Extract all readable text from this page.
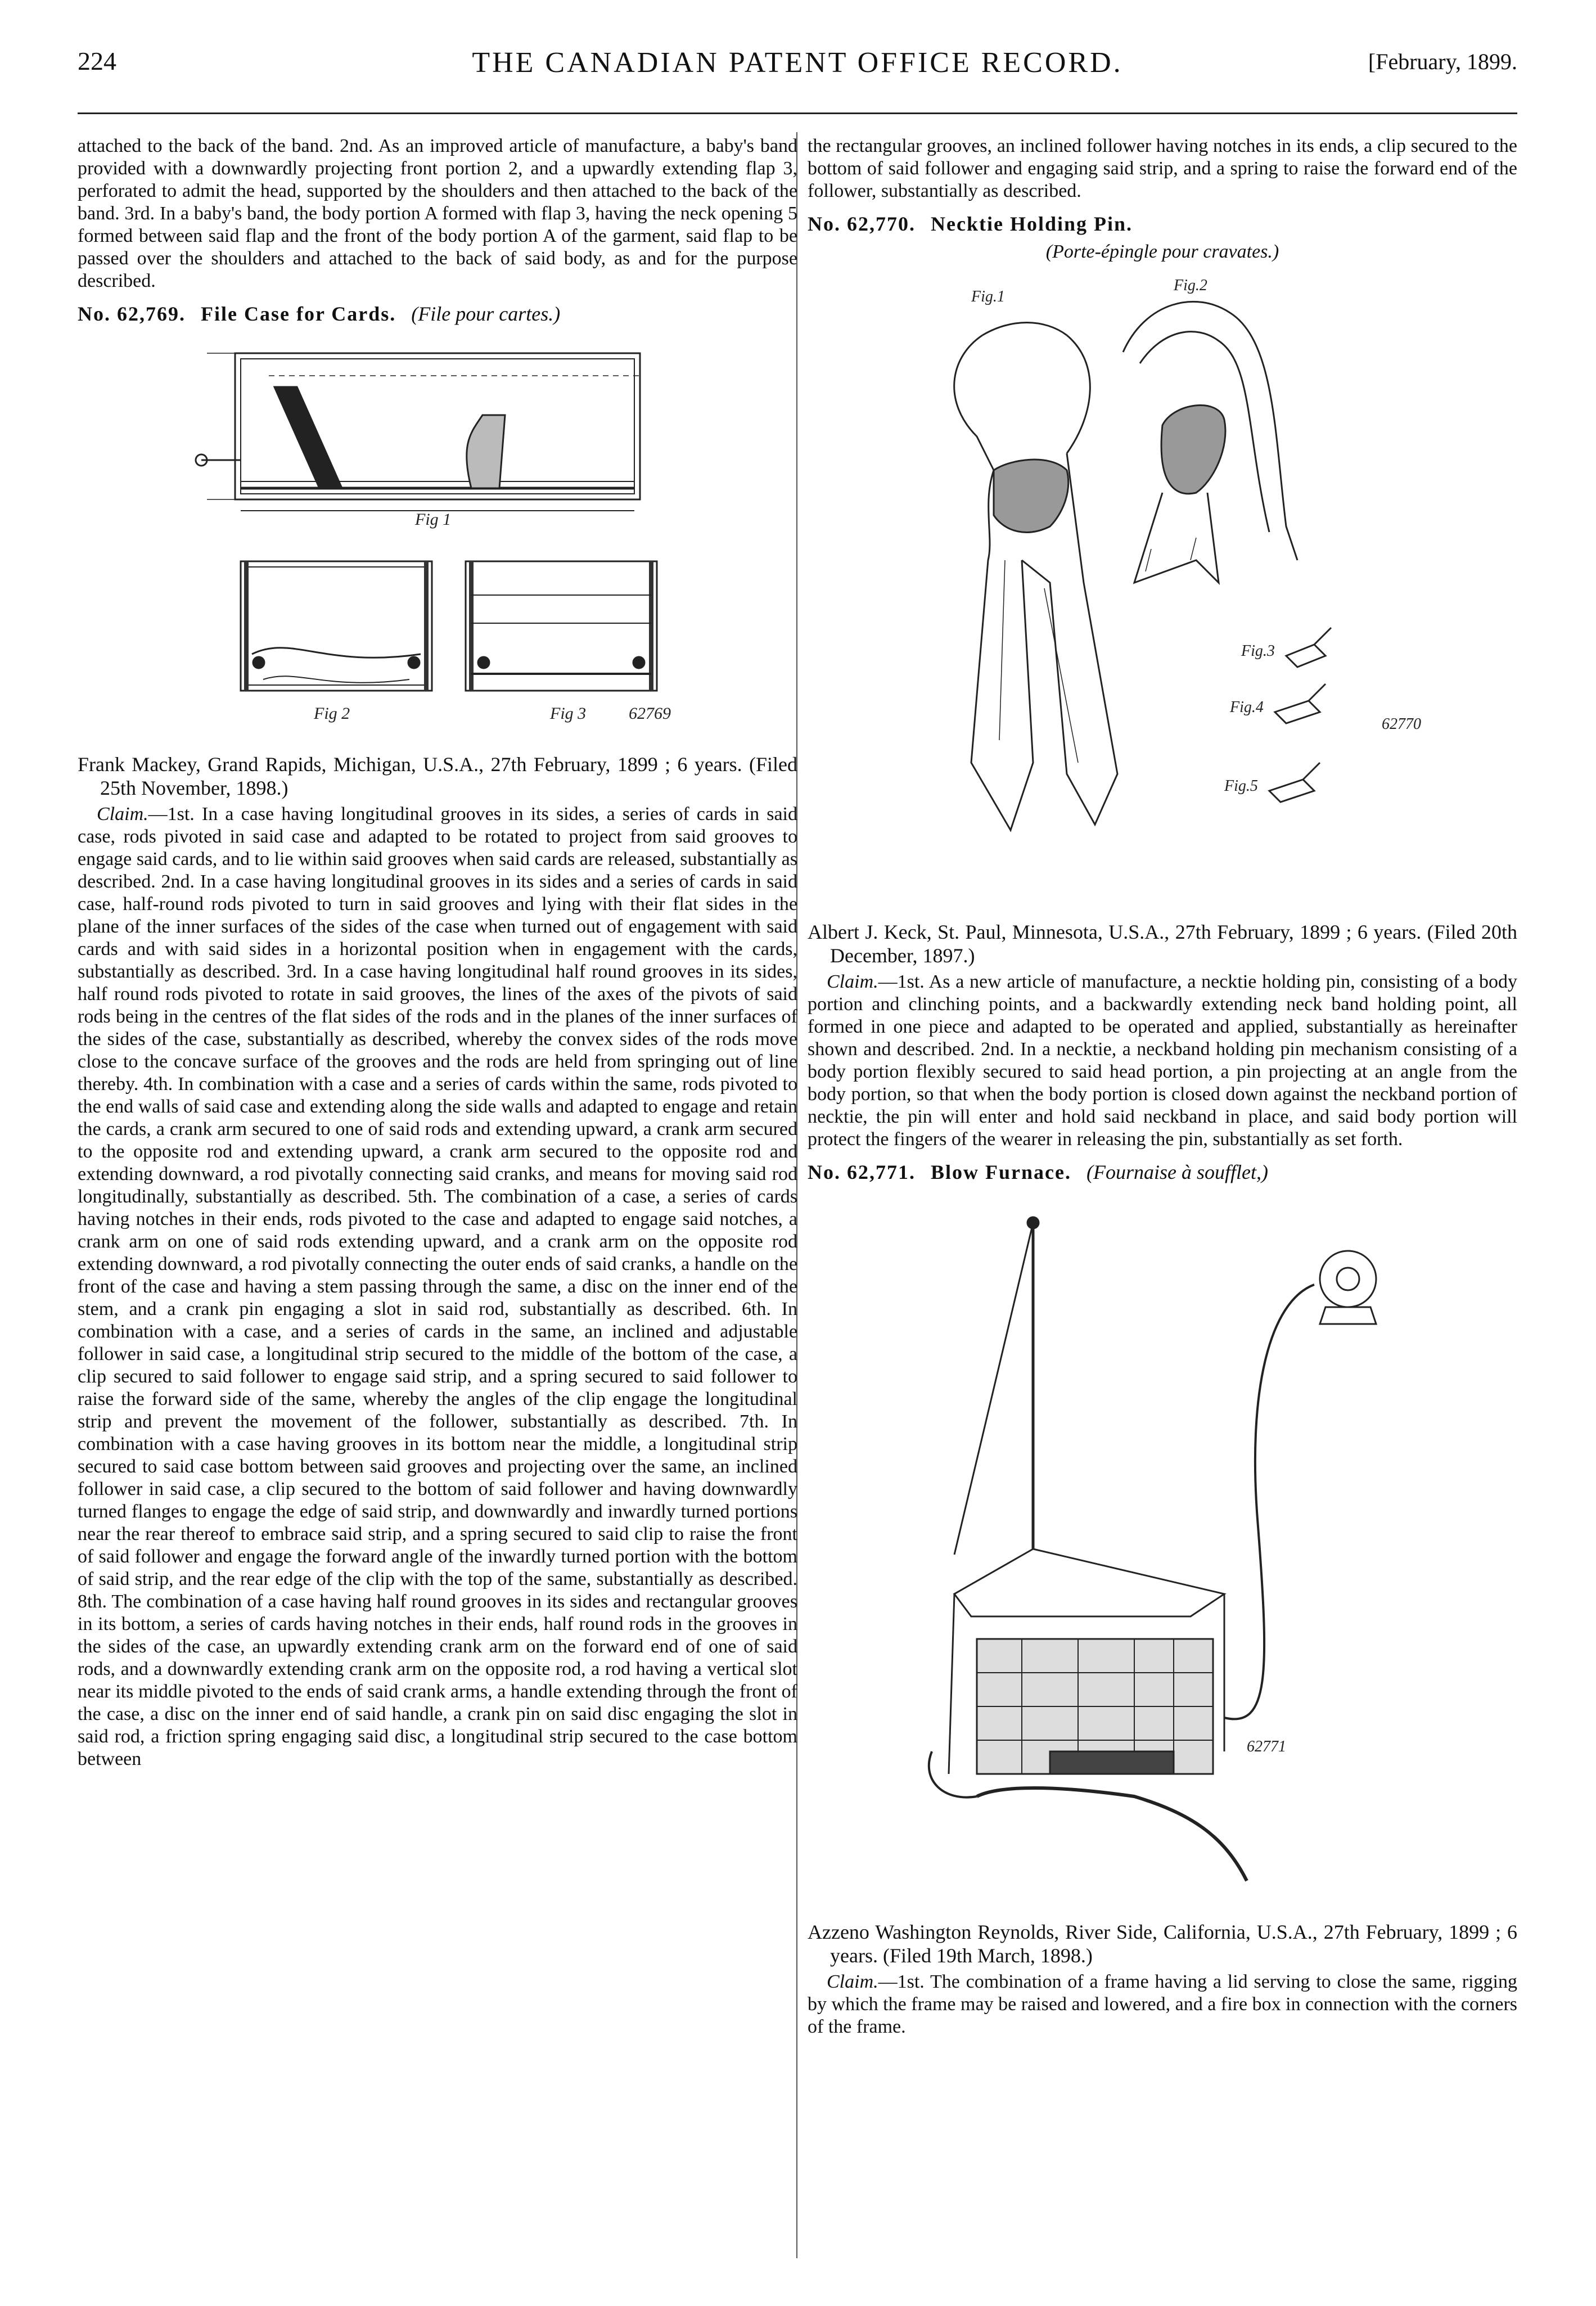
224	THE CANADIAN PATENT OFFICE RECORD.	[February, 1899.

attached to the back of the band. 2nd. As an improved article of manufacture, a baby's band provided with a downwardly projecting front portion 2, and a upwardly extending flap 3, perforated to admit the head, supported by the shoulders and then attached to the back of the band. 3rd. In a baby's band, the body portion A formed with flap 3, having the neck opening 5 formed between said flap and the front of the body portion A of the garment, said flap to be passed over the shoulders and attached to the back of said body, as and for the purpose described.

No. 62,769. File Case for Cards. (File pour cartes.)
Fig 1
Fig 2	Fig 3	62769

Frank Mackey, Grand Rapids, Michigan, U.S.A., 27th February, 1899 ; 6 years. (Filed 25th November, 1898.)

Claim.—1st. In a case having longitudinal grooves in its sides, a series of cards in said case, rods pivoted in said case and adapted to be rotated to project from said grooves to engage said cards, and to lie within said grooves when said cards are released, substantially as described. 2nd. In a case having longitudinal grooves in its sides and a series of cards in said case, half-round rods pivoted to turn in said grooves and lying with their flat sides in the plane of the inner surfaces of the sides of the case when turned out of engagement with said cards and with said sides in a horizontal position when in engagement with the cards, substantially as described. 3rd. In a case having longitudinal half round grooves in its sides, half round rods pivoted to rotate in said grooves, the lines of the axes of the pivots of said rods being in the centres of the flat sides of the rods and in the planes of the inner surfaces of the sides of the case, substantially as described, whereby the convex sides of the rods move close to the concave surface of the grooves and the rods are held from springing out of line thereby. 4th. In combination with a case and a series of cards within the same, rods pivoted to the end walls of said case and extending along the side walls and adapted to engage and retain the cards, a crank arm secured to one of said rods and extending upward, a crank arm secured to the opposite rod and extending upward, a crank arm secured to the opposite rod and extending downward, a rod pivotally connecting said cranks, and means for moving said rod longitudinally, substantially as described. 5th. The combination of a case, a series of cards having notches in their ends, rods pivoted to the case and adapted to engage said notches, a crank arm on one of said rods extending upward, and a crank arm on the opposite rod extending downward, a rod pivotally connecting the outer ends of said cranks, a handle on the front of the case and having a stem passing through the same, a disc on the inner end of the stem, and a crank pin engaging a slot in said rod, substantially as described. 6th. In combination with a case, and a series of cards in the same, an inclined and adjustable follower in said case, a longitudinal strip secured to the middle of the bottom of the case, a clip secured to said follower to engage said strip, and a spring secured to said follower to raise the forward side of the same, whereby the angles of the clip engage the longitudinal strip and prevent the movement of the follower, substantially as described. 7th. In combination with a case having grooves in its bottom near the middle, a longitudinal strip secured to said case bottom between said grooves and projecting over the same, an inclined follower in said case, a clip secured to the bottom of said follower and having downwardly turned flanges to engage the edge of said strip, and downwardly and inwardly turned portions near the rear thereof to embrace said strip, and a spring secured to said clip to raise the front of said follower and engage the forward angle of the inwardly turned portion with the bottom of said strip, and the rear edge of the clip with the top of the same, substantially as described. 8th. The combination of a case having half round grooves in its sides and rectangular grooves in its bottom, a series of cards having notches in their ends, half round rods in the grooves in the sides of the case, an upwardly extending crank arm on the forward end of one of said rods, and a downwardly extending crank arm on the opposite rod, a rod having a vertical slot near its middle pivoted to the ends of said crank arms, a handle extending through the front of the case, a disc on the inner end of said handle, a crank pin on said disc engaging the slot in said rod, a friction spring engaging said disc, a longitudinal strip secured to the case bottom between

the rectangular grooves, an inclined follower having notches in its ends, a clip secured to the bottom of said follower and engaging said strip, and a spring to raise the forward end of the follower, substantially as described.

No. 62,770. Necktie Holding Pin.

(Porte-épingle pour cravates.)

Fig.1
Fig.2
Fig.3
Fig.4
Fig.5
62770

Albert J. Keck, St. Paul, Minnesota, U.S.A., 27th February, 1899 ; 6 years. (Filed 20th December, 1897.)

Claim.—1st. As a new article of manufacture, a necktie holding pin, consisting of a body portion and clinching points, and a backwardly extending neck band holding point, all formed in one piece and adapted to be operated and applied, substantially as hereinafter shown and described. 2nd. In a necktie, a neckband holding pin mechanism consisting of a body portion flexibly secured to said head portion, a pin projecting at an angle from the body portion, so that when the body portion is closed down against the neckband portion of necktie, the pin will enter and hold said neckband in place, and said body portion will protect the fingers of the wearer in releasing the pin, substantially as set forth.

No. 62,771. Blow Furnace. (Fournaise à soufflet,)
62771

Azzeno Washington Reynolds, River Side, California, U.S.A., 27th February, 1899 ; 6 years. (Filed 19th March, 1898.)

Claim.—1st. The combination of a frame having a lid serving to close the same, rigging by which the frame may be raised and lowered, and a fire box in connection with the corners of the frame.
